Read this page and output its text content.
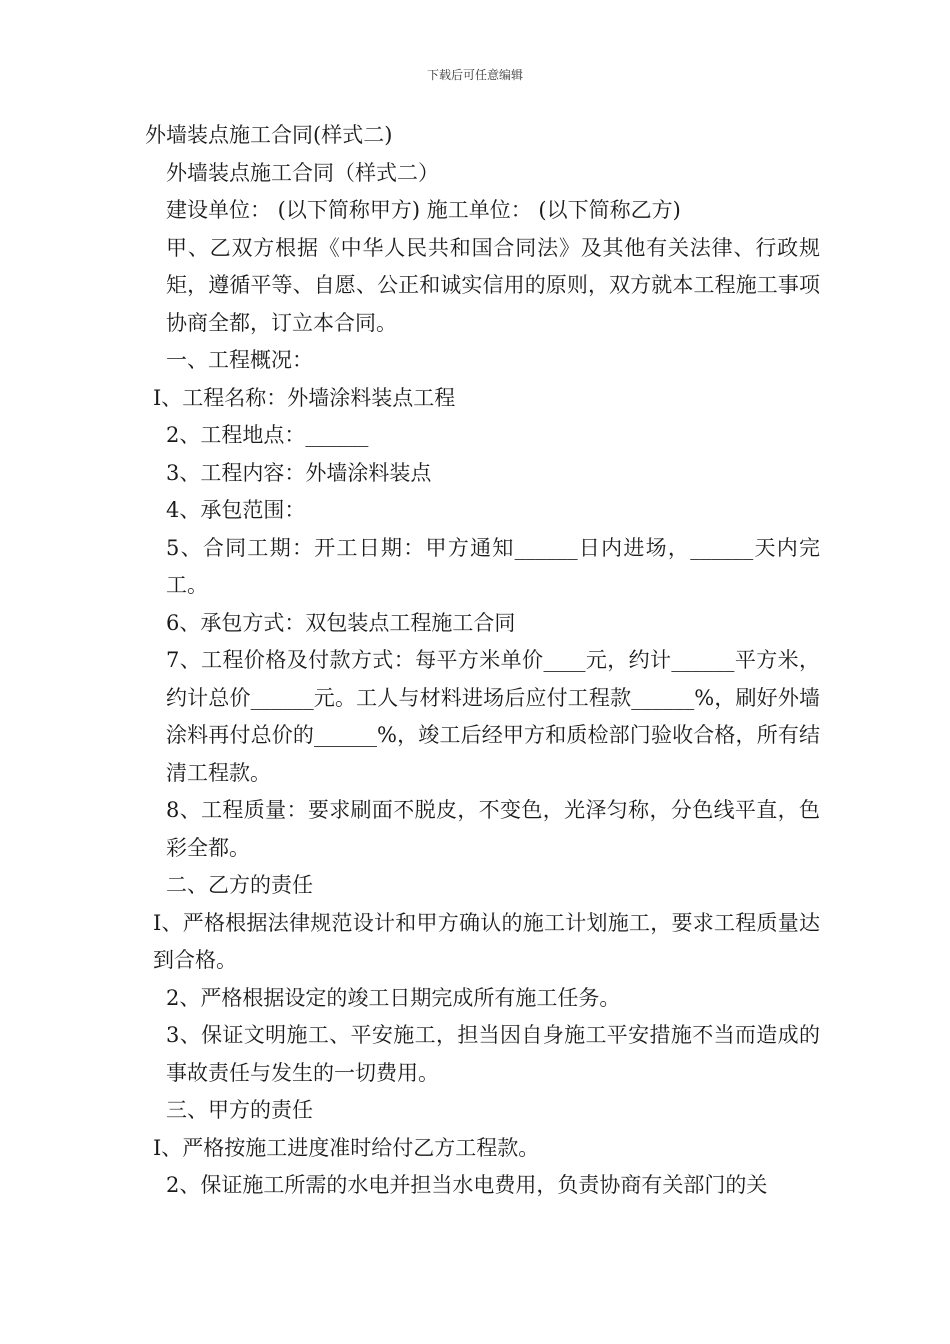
下载后可任意编辑
外墙装点施工合同(样式二)
外墙装点施工合同（样式二）
建设单位： (以下简称甲方) 施工单位： (以下简称乙方)
甲、乙双方根据《中华人民共和国合同法》及其他有关法律、行政规矩，遵循平等、自愿、公正和诚实信用的原则，双方就本工程施工事项协商全都，订立本合同。
一、工程概况：
I、工程名称：外墙涂料装点工程
2、工程地点：______
3、工程内容：外墙涂料装点
4、承包范围：
5、合同工期：开工日期：甲方通知______日内进场，______天内完工。
6、承包方式：双包装点工程施工合同
7、工程价格及付款方式：每平方米单价____元，约计______平方米，约计总价______元。工人与材料进场后应付工程款______%，刷好外墙涂料再付总价的______%，竣工后经甲方和质检部门验收合格，所有结清工程款。
8、工程质量：要求刷面不脱皮，不变色，光泽匀称，分色线平直，色彩全都。
二、乙方的责任
I、严格根据法律规范设计和甲方确认的施工计划施工，要求工程质量达到合格。
2、严格根据设定的竣工日期完成所有施工任务。
3、保证文明施工、平安施工，担当因自身施工平安措施不当而造成的事故责任与发生的一切费用。
三、甲方的责任
I、严格按施工进度准时给付乙方工程款。
2、保证施工所需的水电并担当水电费用，负责协商有关部门的关
